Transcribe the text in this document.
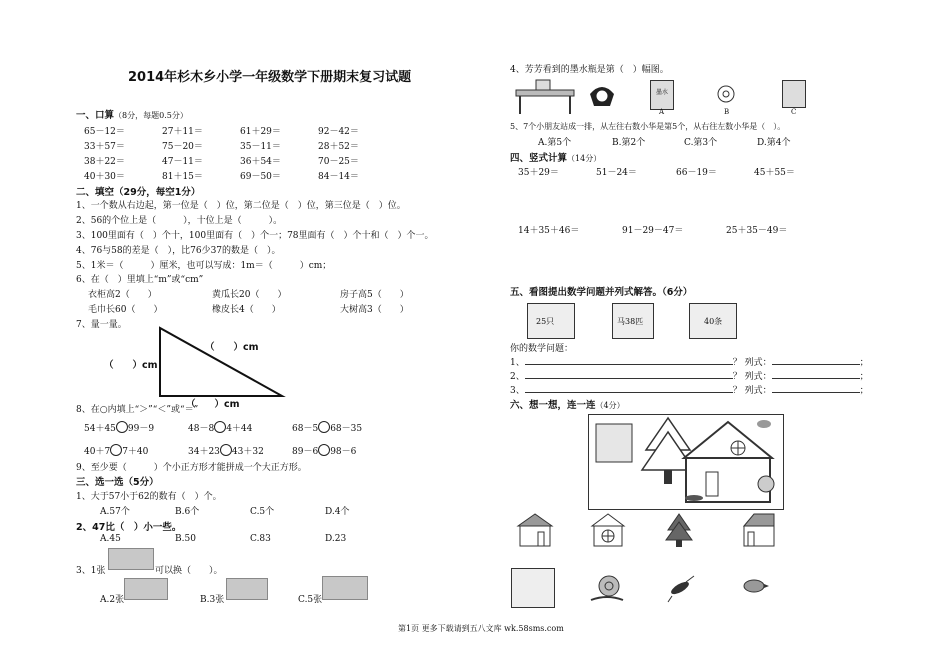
2014年杉木乡小学一年级数学下册期末复习试题
一、口算（8分，每题0.5分）
65－12＝	27＋11＝	61＋29＝	92－42＝
33＋57＝	75－20＝	35－11＝	28＋52＝
38＋22＝	47－11＝	36＋54＝	70－25＝
40＋30＝	81＋15＝	69－50＝	84－14＝
二、填空（29分，每空1分）
1、一个数从右边起，第一位是（　）位，第二位是（　）位，第三位是（　）位。
2、56的个位上是（　　　），十位上是（　　　）。
3、100里面有（　）个十，100里面有（　）个一；78里面有（　）个十和（　）个一。
4、76与58的差是（　），比76少37的数是（　）。
5、1米＝（　　　）厘米，也可以写成：1m＝（　　　）cm；
6、在（　）里填上“m”或“cm”
衣柜高2（　　）	黄瓜长20（　　）	房子高5（　　）
毛巾长60（　　）	橡皮长4（　　）	大树高3（　　）
7、量一量。
（　　）cm
（　　）cm
（　　）cm
8、在○内填上“＞”“＜”或“＝”
54＋45 99－9	48－8 4＋44	68－5 68－35
40＋7 7＋40	34＋23 43＋32	89－6 98－6
9、至少要（　　　）个小正方形才能拼成一个大正方形。
三、选一选（5分）
1、大于57小于62的数有（　）个。
A.57个	B.6个	C.5个	D.4个
2、47比（　）小一些。
A.45	B.50	C.83	D.23
3、1张	可以换（　　）。
A.2张	B.3张	C.5张
4、芳芳看到的墨水瓶是第（　）幅图。
墨水
A	B	C
5、7个小朋友站成一排，从左往右数小华是第5个，从右往左数小华是（　）。
A.第5个	B.第2个	C.第3个	D.第4个
四、竖式计算（14分）
35＋29＝	51－24＝	66－19＝	45＋55＝
14＋35＋46＝	91－29－47＝	25＋35－49＝
五、看图提出数学问题并列式解答。（6分）
25只	马38匹	40条
你的数学问题：
1、	？ 列式：	；
2、	？ 列式：	；
3、	？ 列式：	；
六、想一想，连一连（4分）
第1页 更多下载请到五八文库 wk.58sms.com
